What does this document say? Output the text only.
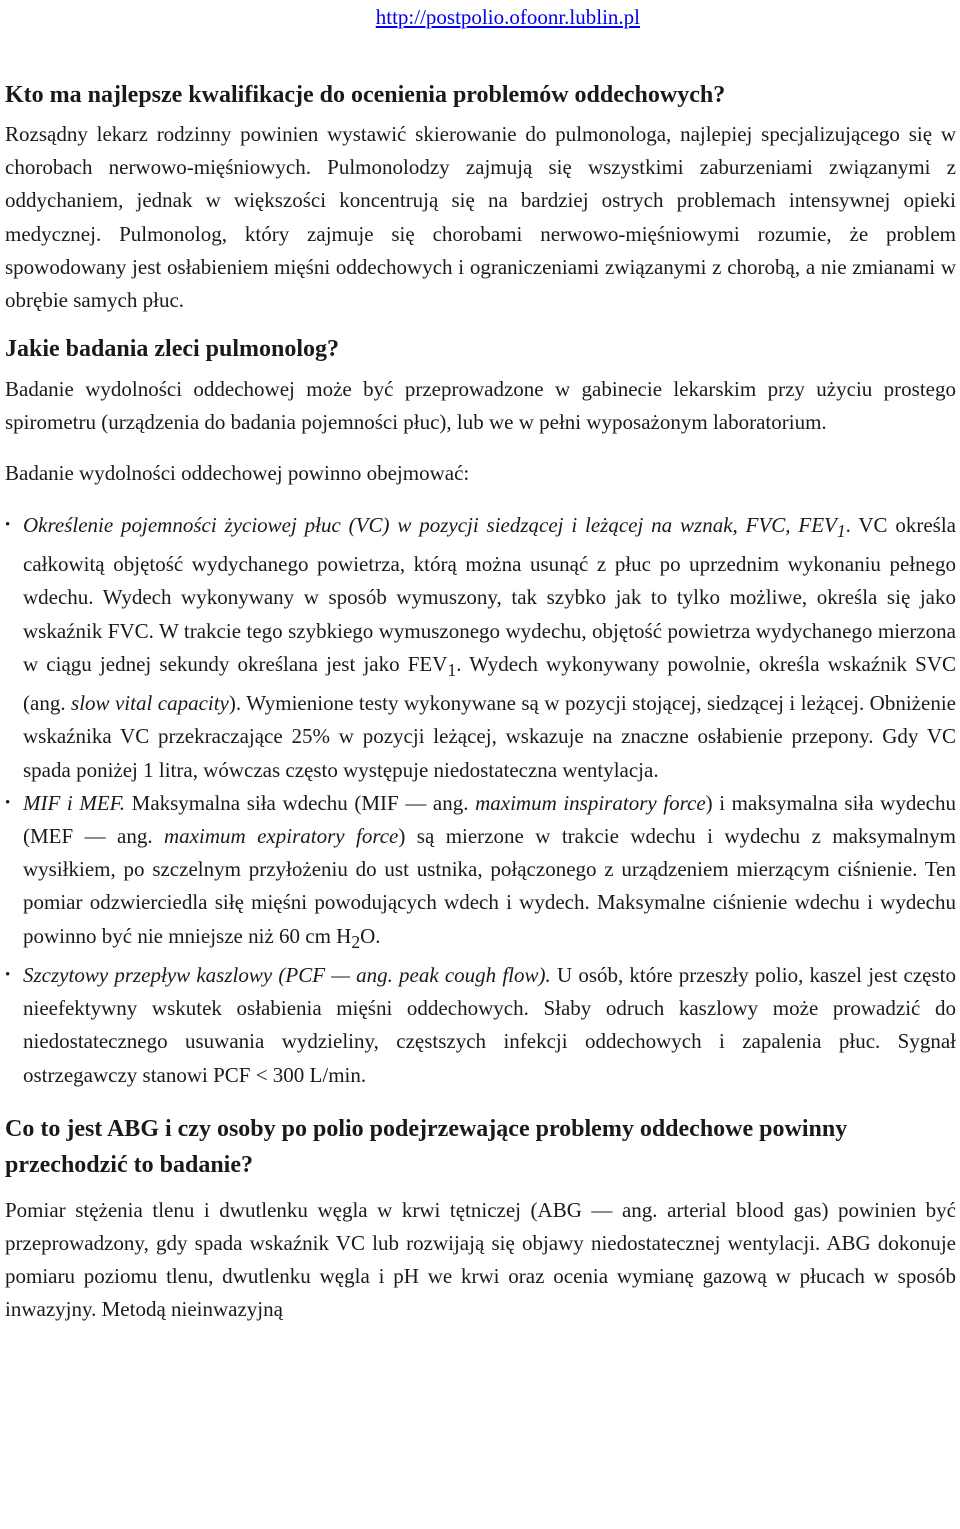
http://postpolio.ofoonr.lublin.pl
Kto ma najlepsze kwalifikacje do ocenienia problemów oddechowych?

Rozsądny lekarz rodzinny powinien wystawić skierowanie do pulmonologa, najlepiej specjalizującego się w chorobach nerwowo-mięśniowych. Pulmonolodzy zajmują się wszystkimi zaburzeniami związanymi z oddychaniem, jednak w większości koncentrują się na bardziej ostrych problemach intensywnej opieki medycznej. Pulmonolog, który zajmuje się chorobami nerwowo-mięśniowymi rozumie, że problem spowodowany jest osłabieniem mięśni oddechowych i ograniczeniami związanymi z chorobą, a nie zmianami w obrębie samych płuc.

Jakie badania zleci pulmonolog?

Badanie wydolności oddechowej może być przeprowadzone w gabinecie lekarskim przy użyciu prostego spirometru (urządzenia do badania pojemności płuc), lub we w pełni wyposażonym laboratorium.

Badanie wydolności oddechowej powinno obejmować:

• Określenie pojemności życiowej płuc (VC) w pozycji siedzącej i leżącej na wznak, FVC, $FEV_1$. VC określa całkowitą objętość wydychanego powietrza, którą można usunąć z płuc po uprzednim wykonaniu pełnego wdechu. Wydech wykonywany w sposób wymuszony, tak szybko jak to tylko możliwe, określa się jako wskaźnik FVC. W trakcie tego szybkiego wymuszonego wydechu, objętość powietrza wydychanego mierzona w ciągu jednej sekundy określana jest jako $FEV_1$. Wydech wykonywany powolnie, określa wskaźnik SVC (ang. slow vital capacity). Wymienione testy wykonywane są w pozycji stojącej, siedzącej i leżącej. Obniżenie wskaźnika VC przekraczające 25% w pozycji leżącej, wskazuje na znaczne osłabienie przepony. Gdy VC spada poniżej 1 litra, wówczas często występuje niedostateczna wentylacja.
• MIF i MEF. Maksymalna siła wdechu (MIF — ang. maximum inspiratory force) i maksymalna siła wydechu (MEF — ang. maximum expiratory force) są mierzone w trakcie wdechu i wydechu z maksymalnym wysiłkiem, po szczelnym przyłożeniu do ust ustnika, połączonego z urządzeniem mierzącym ciśnienie. Ten pomiar odzwierciedla siłę mięśni powodujących wdech i wydech. Maksymalne ciśnienie wdechu i wydechu powinno być nie mniejsze niż 60 cm $H_2O$.
• Szczytowy przepływ kaszlowy (PCF — ang. peak cough flow). U osób, które przeszły polio, kaszel jest często nieefektywny wskutek osłabienia mięśni oddechowych. Słaby odruch kaszlowy może prowadzić do niedostatecznego usuwania wydzieliny, częstszych infekcji oddechowych i zapalenia płuc. Sygnał ostrzegawczy stanowi PCF < 300 L/min.
Co to jest ABG i czy osoby po polio podejrzewające problemy oddechowe powinny przechodzić to badanie?

Pomiar stężenia tlenu i dwutlenku węgla w krwi tętniczej (ABG — ang. arterial blood gas) powinien być przeprowadzony, gdy spada wskaźnik VC lub rozwijają się objawy niedostatecznej wentylacji. ABG dokonuje pomiaru poziomu tlenu, dwutlenku węgla i pH we krwi oraz ocenia wymianę gazową w płucach w sposób inwazyjny. Metodą nieinwazyjną
